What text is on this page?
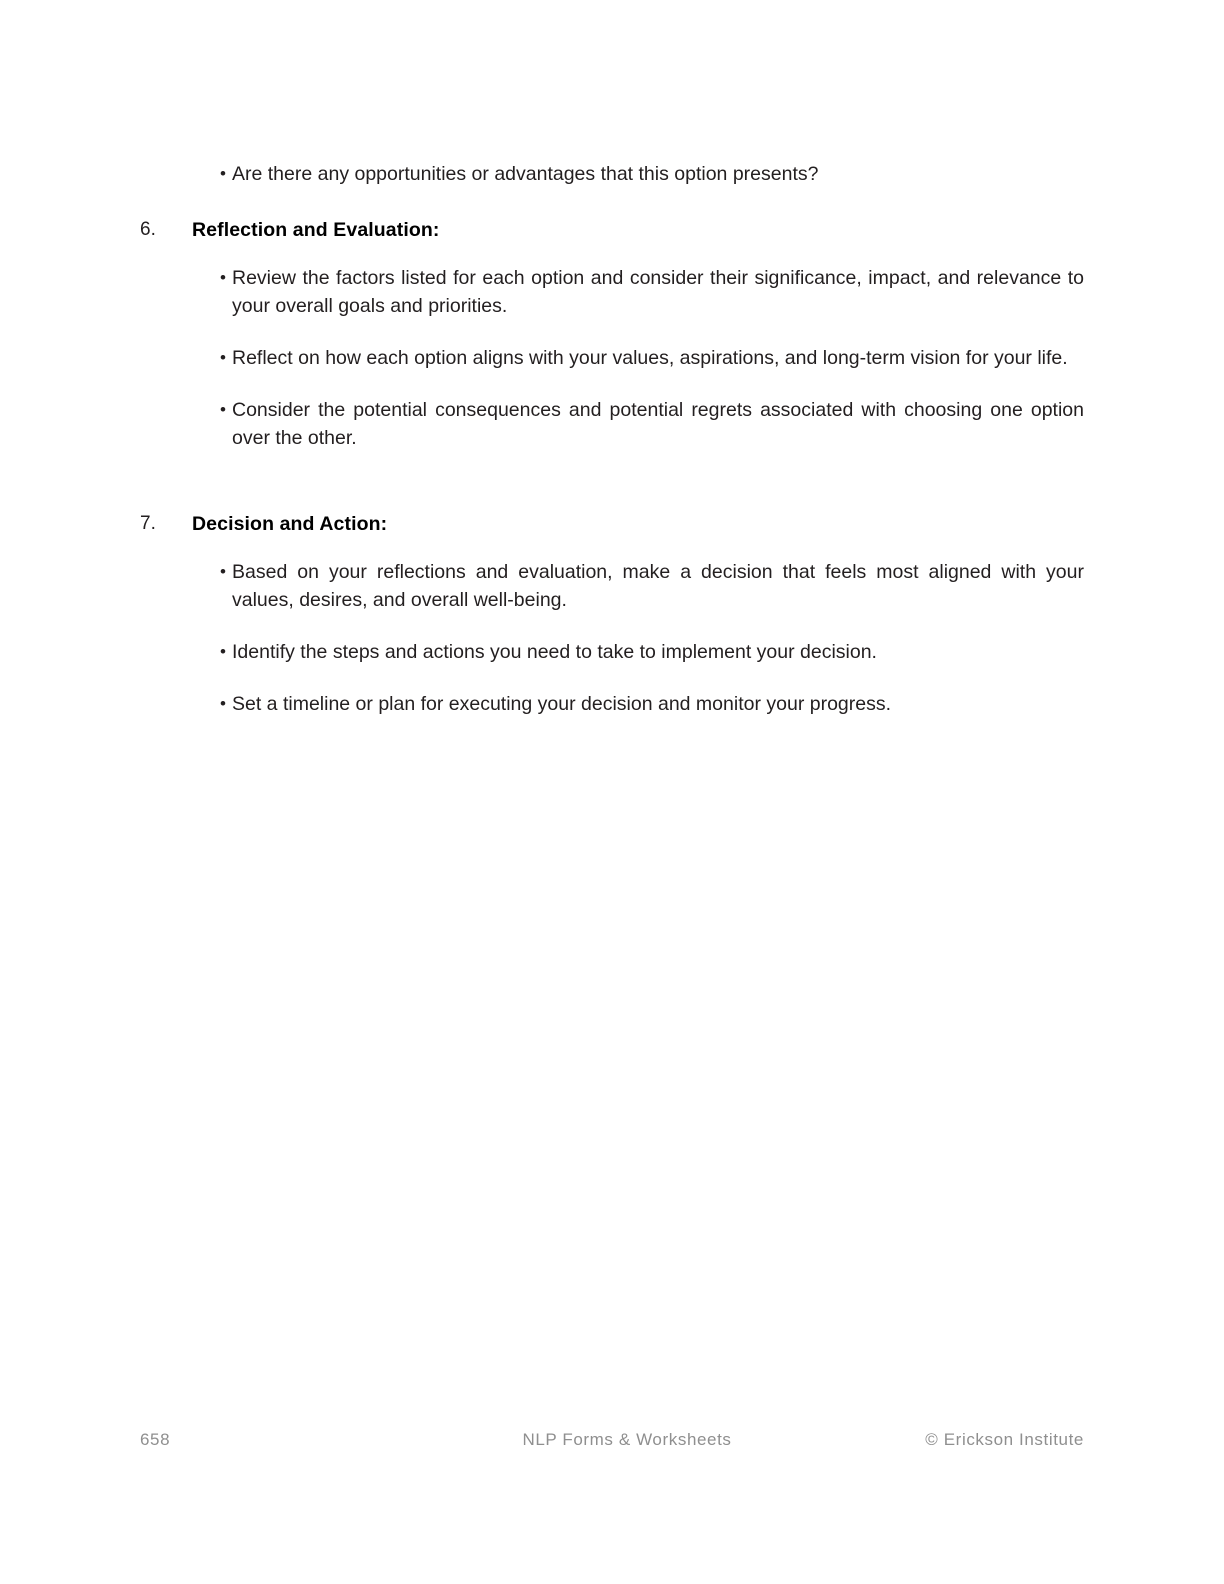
• Are there any opportunities or advantages that this option presents?
6.	Reflection and Evaluation:
• Review the factors listed for each option and consider their significance, impact, and relevance to your overall goals and priorities.
• Reflect on how each option aligns with your values, aspirations, and long-term vision for your life.
• Consider the potential consequences and potential regrets associated with choosing one option over the other.
7.	Decision and Action:
• Based on your reflections and evaluation, make a decision that feels most aligned with your values, desires, and overall well-being.
• Identify the steps and actions you need to take to implement your decision.
• Set a timeline or plan for executing your decision and monitor your progress.
658	NLP Forms & Worksheets	© Erickson Institute
